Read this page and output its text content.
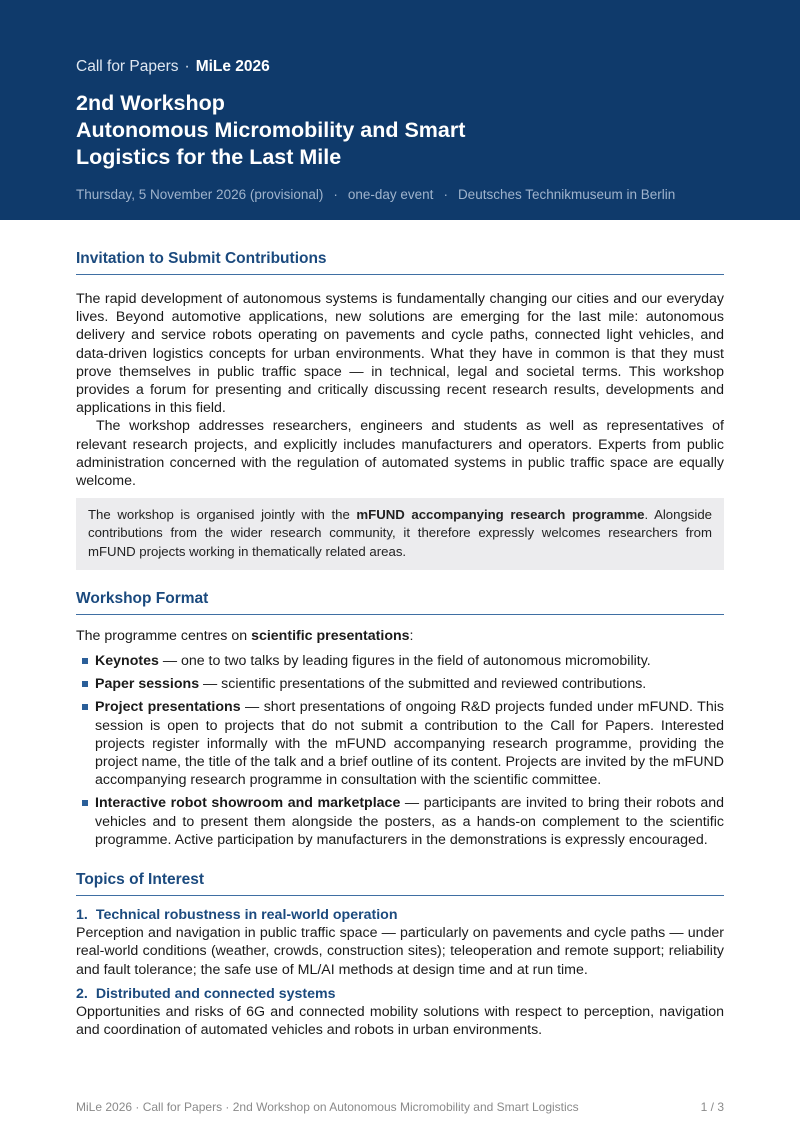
Call for Papers · MiLe 2026
2nd Workshop
Autonomous Micromobility and Smart
Logistics for the Last Mile
Thursday, 5 November 2026 (provisional) · one-day event · Deutsches Technikmuseum in Berlin
Invitation to Submit Contributions

The rapid development of autonomous systems is fundamentally changing our cities and our everyday lives. Beyond automotive applications, new solutions are emerging for the last mile: autonomous delivery and service robots operating on pavements and cycle paths, connected light vehicles, and data-driven logistics concepts for urban environments. What they have in common is that they must prove themselves in public traffic space — in technical, legal and societal terms. This workshop provides a forum for presenting and critically discussing recent research results, developments and applications in this field.

The workshop addresses researchers, engineers and students as well as representatives of relevant research projects, and explicitly includes manufacturers and operators. Experts from public administration concerned with the regulation of automated systems in public traffic space are equally welcome.

The workshop is organised jointly with the mFUND accompanying research programme. Alongside contributions from the wider research community, it therefore expressly welcomes researchers from mFUND projects working in thematically related areas.
Workshop Format

The programme centres on scientific presentations:

Keynotes — one to two talks by leading figures in the field of autonomous micromobility.
Paper sessions — scientific presentations of the submitted and reviewed contributions.
Project presentations — short presentations of ongoing R&D projects funded under mFUND. This session is open to projects that do not submit a contribution to the Call for Papers. Interested projects register informally with the mFUND accompanying research programme, providing the project name, the title of the talk and a brief outline of its content. Projects are invited by the mFUND accompanying research programme in consultation with the scientific committee.
Interactive robot showroom and marketplace — participants are invited to bring their robots and vehicles and to present them alongside the posters, as a hands-on complement to the scientific programme. Active participation by manufacturers in the demonstrations is expressly encouraged.
Topics of Interest
1. Technical robustness in real-world operation

Perception and navigation in public traffic space — particularly on pavements and cycle paths — under real-world conditions (weather, crowds, construction sites); teleoperation and remote support; reliability and fault tolerance; the safe use of ML/AI methods at design time and at run time.

2. Distributed and connected systems

Opportunities and risks of 6G and connected mobility solutions with respect to perception, navigation and coordination of automated vehicles and robots in urban environments.

MiLe 2026 · Call for Papers · 2nd Workshop on Autonomous Micromobility and Smart Logistics	1 / 3
